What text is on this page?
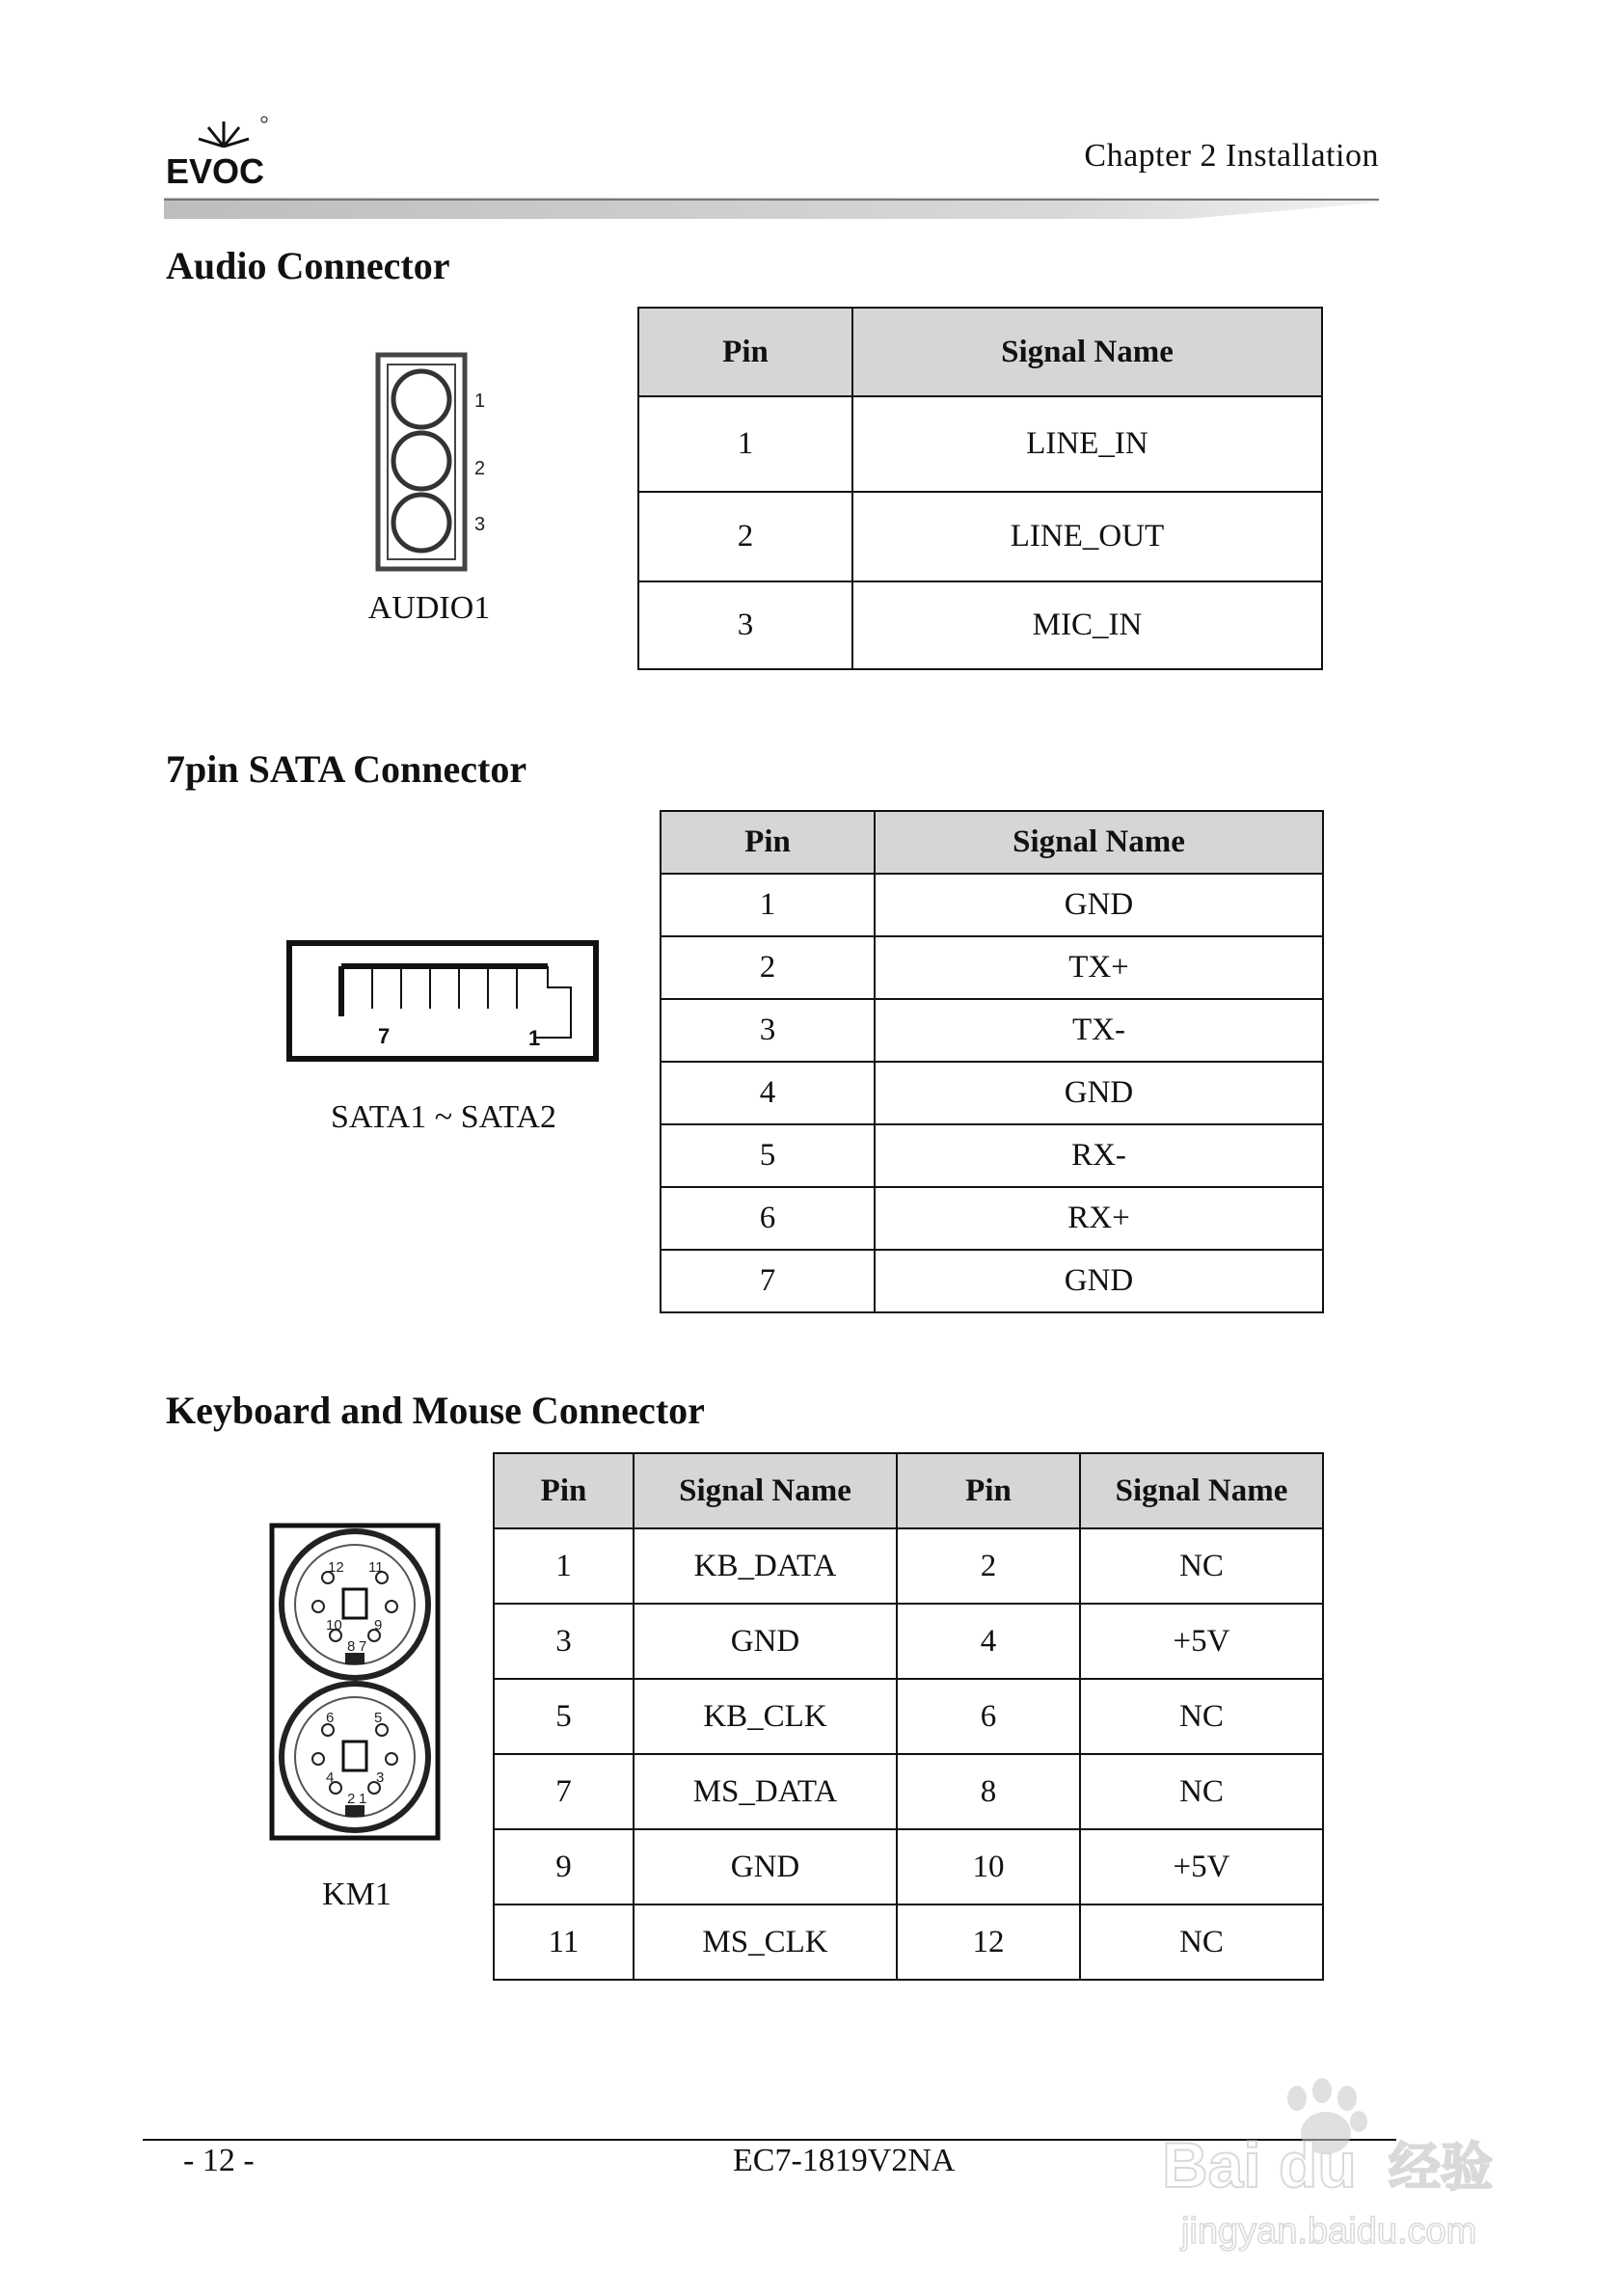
EVOC	Chapter 2 Installation
Audio Connector
1
2
3
AUDIO1
Pin	Signal Name
1	LINE_IN
2	LINE_OUT
3	MIC_IN
7pin SATA Connector
7	1
SATA1 ~ SATA2
Pin	Signal Name
1	GND
2	TX+
3	TX-
4	GND
5	RX-
6	RX+
7	GND
Keyboard and Mouse Connector
12 11
10 9
8 7
6	5
4	3
2 1
KM1
Pin	Signal Name	Pin	Signal Name
1	KB_DATA	2	NC
3	GND	4	+5V
5	KB_CLK	6	NC
7	MS_DATA	8	NC
9	GND	10	+5V
11	MS_CLK	12	NC
- 12 -	EC7-1819V2NA	Bai du 经验
jingyan.baidu.com
